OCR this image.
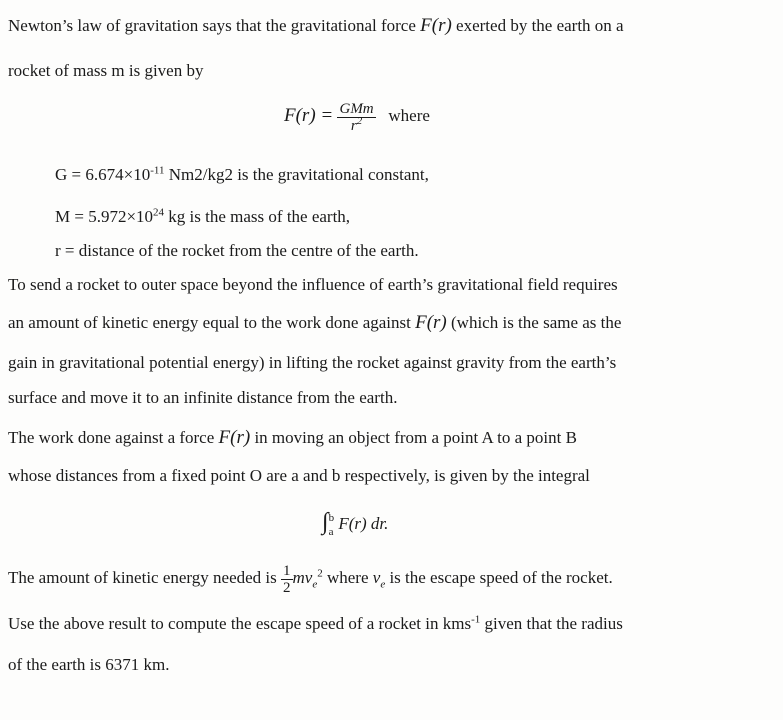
Newton’s law of gravitation says that the gravitational force F(r) exerted by the earth on a
rocket of mass m is given by
$F(r) = \frac{\text{GMm}}{r^2}$ where
$G = 6.674\times 10^{-11}$ Nm2/kg2 is the gravitational constant,
$M = 5.972\times 10^{24}$ kg is the mass of the earth,
r = distance of the rocket from the centre of the earth.
To send a rocket to outer space beyond the influence of earth’s gravitational field requires
an amount of kinetic energy equal to the work done against F(r) (which is the same as the
gain in gravitational potential energy) in lifting the rocket against gravity from the earth’s
surface and move it to an infinite distance from the earth.
The work done against a force F(r) in moving an object from a point A to a point B
whose distances from a fixed point O are a and b respectively, is given by the integral
∫ b
a F(r) dr.
The amount of kinetic energy needed is $\frac{1}{2} mv_e^2$ where $v_e$ is the escape speed of the rocket.
Use the above result to compute the escape speed of a rocket in kms$^{-1}$ given that the radius
of the earth is 6371 km.
